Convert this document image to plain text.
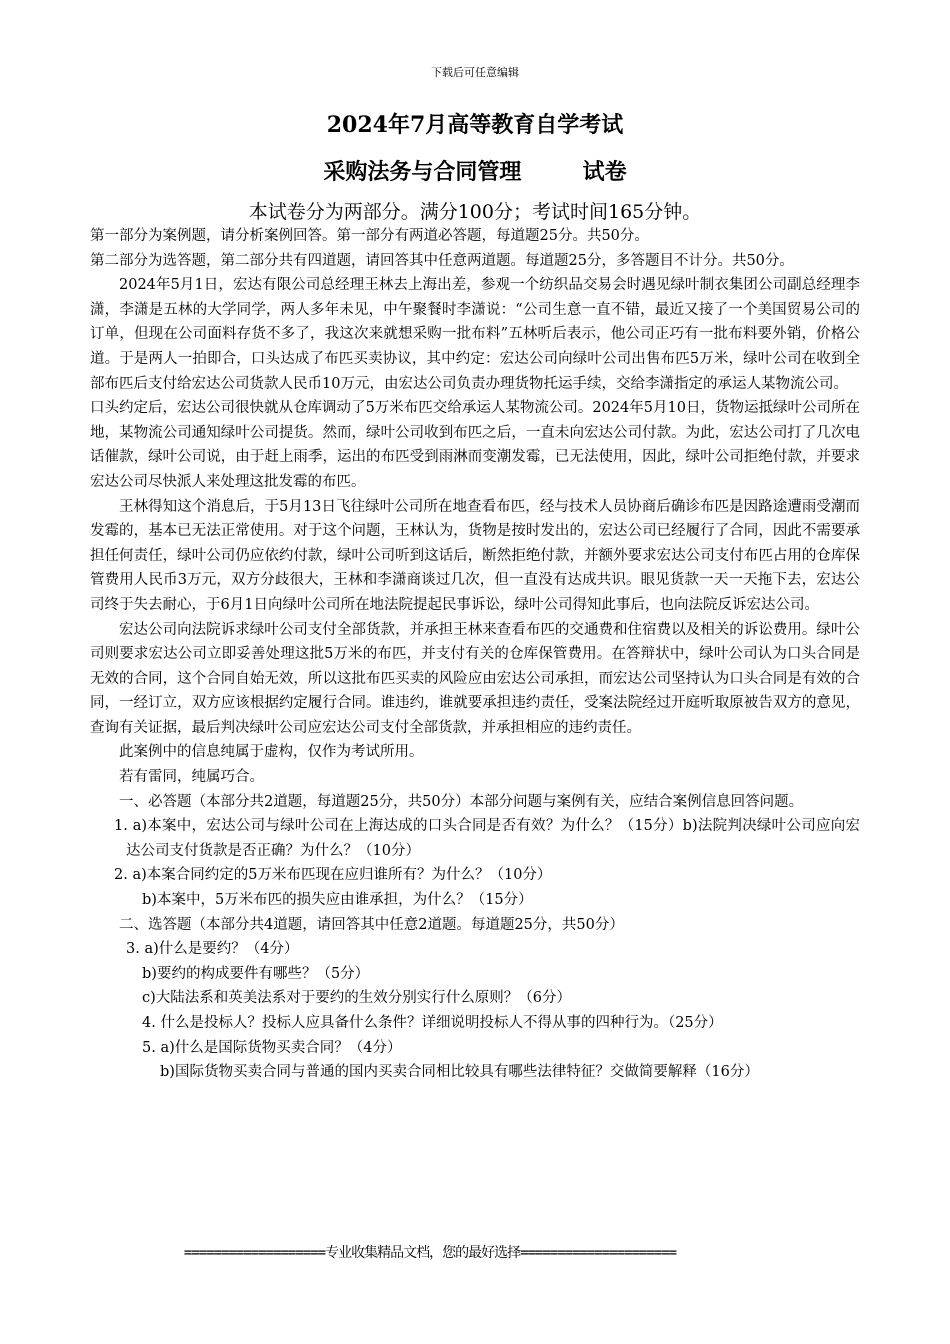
下载后可任意编辑
2024年7月高等教育自学考试
采购法务与合同管理        试卷
本试卷分为两部分。满分100分；考试时间165分钟。

第一部分为案例题，请分析案例回答。第一部分有两道必答题，每道题25分。共50分。

第二部分为选答题，第二部分共有四道题，请回答其中任意两道题。每道题25分，多答题目不计分。共50分。

2024年5月1日，宏达有限公司总经理王林去上海出差，参观一个纺织品交易会时遇见绿叶制衣集团公司副总经理李潇，李潇是五林的大学同学，两人多年未见，中午聚餐时李潇说：“公司生意一直不错，最近又接了一个美国贸易公司的订单，但现在公司面料存货不多了，我这次来就想采购一批布料”五林听后表示，他公司正巧有一批布料要外销，价格公道。于是两人一拍即合，口头达成了布匹买卖协议，其中约定：宏达公司向绿叶公司出售布匹5万米，绿叶公司在收到全部布匹后支付给宏达公司货款人民币10万元，由宏达公司负责办理货物托运手续，交给李潇指定的承运人某物流公司。

口头约定后，宏达公司很快就从仓库调动了5万米布匹交给承运人某物流公司。2024年5月10日，货物运抵绿叶公司所在地，某物流公司通知绿叶公司提货。然而，绿叶公司收到布匹之后，一直未向宏达公司付款。为此，宏达公司打了几次电话催款，绿叶公司说，由于赶上雨季，运出的布匹受到雨淋而变潮发霉，已无法使用，因此，绿叶公司拒绝付款，并要求宏达公司尽快派人来处理这批发霉的布匹。

王林得知这个消息后，于5月13日飞往绿叶公司所在地查看布匹，经与技术人员协商后确诊布匹是因路途遭雨受潮而发霉的，基本已无法正常使用。对于这个问题，王林认为，货物是按时发出的，宏达公司已经履行了合同，因此不需要承担任何责任，绿叶公司仍应依约付款，绿叶公司听到这话后，断然拒绝付款，并额外要求宏达公司支付布匹占用的仓库保管费用人民币3万元，双方分歧很大，王林和李潇商谈过几次，但一直没有达成共识。眼见货款一天一天拖下去，宏达公司终于失去耐心，于6月1日向绿叶公司所在地法院提起民事诉讼，绿叶公司得知此事后，也向法院反诉宏达公司。

宏达公司向法院诉求绿叶公司支付全部货款，并承担王林来查看布匹的交通费和住宿费以及相关的诉讼费用。绿叶公司则要求宏达公司立即妥善处理这批5万米的布匹，并支付有关的仓库保管费用。在答辩状中，绿叶公司认为口头合同是无效的合同，这个合同自始无效，所以这批布匹买卖的风险应由宏达公司承担，而宏达公司坚持认为口头合同是有效的合同，一经订立，双方应该根据约定履行合同。谁违约，谁就要承担违约责任，受案法院经过开庭听取原被告双方的意见，查询有关证据，最后判决绿叶公司应宏达公司支付全部货款，并承担相应的违约责任。

此案例中的信息纯属于虚构，仅作为考试所用。

若有雷同，纯属巧合。

一、必答题（本部分共2道题，每道题25分，共50分）本部分问题与案例有关，应结合案例信息回答问题。

1. a)本案中，宏达公司与绿叶公司在上海达成的口头合同是否有效？为什么？（15分）b)法院判决绿叶公司应向宏达公司支付货款是否正确？为什么？（10分）

2. a)本案合同约定的5万米布匹现在应归谁所有？为什么？（10分）

b)本案中，5万米布匹的损失应由谁承担，为什么？（15分）

二、选答题（本部分共4道题，请回答其中任意2道题。每道题25分，共50分）

3. a)什么是要约？（4分）

b)要约的构成要件有哪些？（5分）

c)大陆法系和英美法系对于要约的生效分别实行什么原则？（6分）

4. 什么是投标人？投标人应具备什么条件？详细说明投标人不得从事的四种行为。（25分）

5. a)什么是国际货物买卖合同？（4分）

b)国际货物买卖合同与普通的国内买卖合同相比较具有哪些法律特征？交做简要解释（16分）

===================专业收集精品文档，您的最好选择=====================
